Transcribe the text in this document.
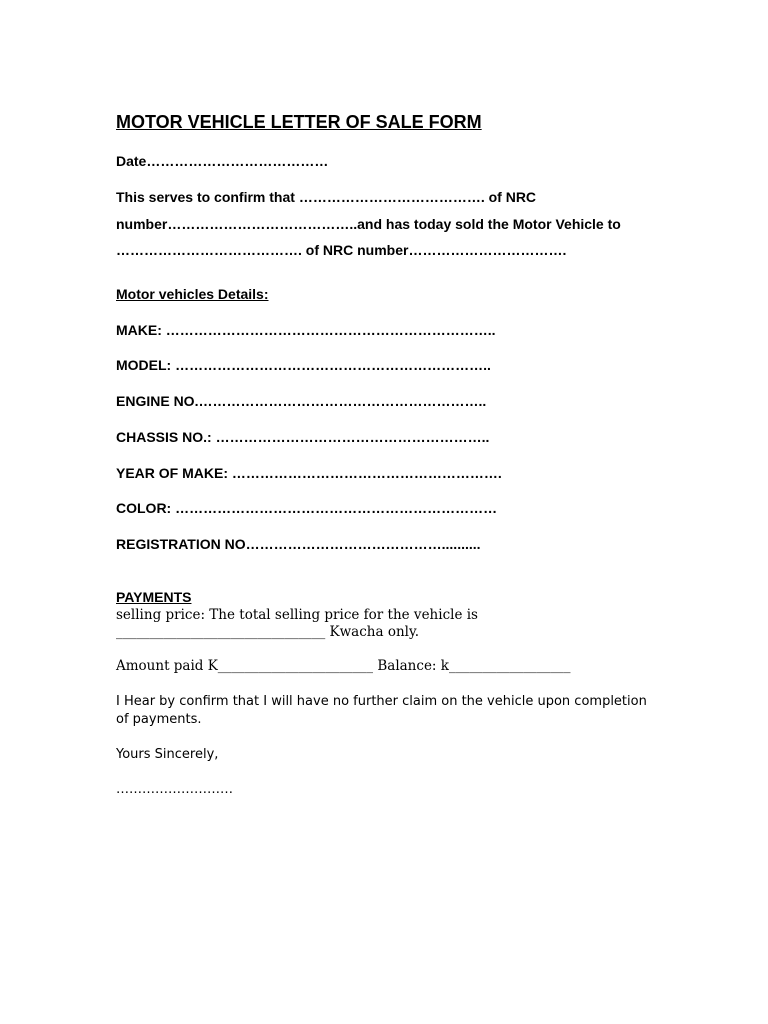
MOTOR VEHICLE LETTER OF SALE FORM
Date…………………………………
This serves to confirm that …………………………………. of NRC
number…………………………………..and has today sold the Motor Vehicle to
…………………………………. of NRC number…………………………….
Motor vehicles Details:
MAKE: ……………………………………………………………..
MODEL: …………………………………………………………..
ENGINE NO.……………………………………………………..
CHASSIS NO.: …………………………………………………..
YEAR OF MAKE: ………………………………………………….
COLOR: ……………………………………………………………
REGISTRATION NO……………………………………..........
PAYMENTS
selling price: The total selling price for the vehicle is
_______________________________ Kwacha only.
Amount paid K_______________________ Balance: k__________________
I Hear by confirm that I will have no further claim on the vehicle upon completion of payments.
Yours Sincerely,
………………………
